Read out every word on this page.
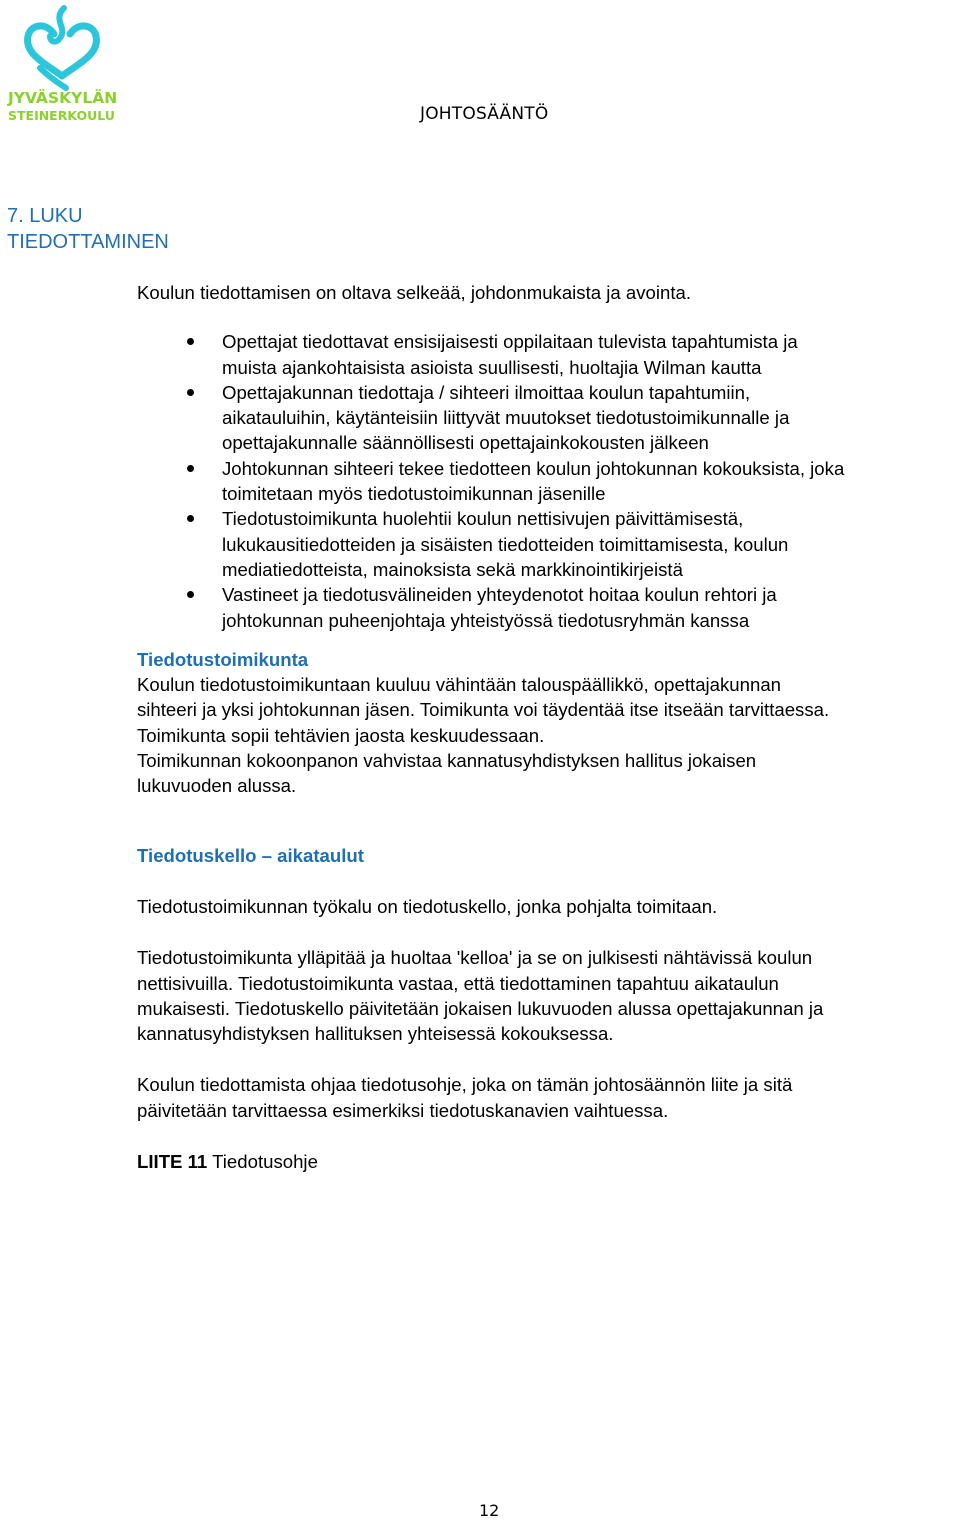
JYVÄSKYLÄN
STEINERKOULU	JOHTOSÄÄNTÖ
7. LUKU
TIEDOTTAMINEN

Koulun tiedottamisen on oltava selkeää, johdonmukaista ja avointa.

Opettajat tiedottavat ensisijaisesti oppilaitaan tulevista tapahtumista ja
muista ajankohtaisista asioista suullisesti, huoltajia Wilman kautta
Opettajakunnan tiedottaja / sihteeri ilmoittaa koulun tapahtumiin,
aikatauluihin, käytänteisiin liittyvät muutokset tiedotustoimikunnalle ja
opettajakunnalle säännöllisesti opettajainkokousten jälkeen
Johtokunnan sihteeri tekee tiedotteen koulun johtokunnan kokouksista, joka
toimitetaan myös tiedotustoimikunnan jäsenille
Tiedotustoimikunta huolehtii koulun nettisivujen päivittämisestä,
lukukausitiedotteiden ja sisäisten tiedotteiden toimittamisesta, koulun
mediatiedotteista, mainoksista sekä markkinointikirjeistä
Vastineet ja tiedotusvälineiden yhteydenotot hoitaa koulun rehtori ja
johtokunnan puheenjohtaja yhteistyössä tiedotusryhmän kanssa
Tiedotustoimikunta
Koulun tiedotustoimikuntaan kuuluu vähintään talouspäällikkö, opettajakunnan
sihteeri ja yksi johtokunnan jäsen. Toimikunta voi täydentää itse itseään tarvittaessa.
Toimikunta sopii tehtävien jaosta keskuudessaan.
Toimikunnan kokoonpanon vahvistaa kannatusyhdistyksen hallitus jokaisen
lukuvuoden alussa.
Tiedotuskello – aikataulut
Tiedotustoimikunnan työkalu on tiedotuskello, jonka pohjalta toimitaan.
Tiedotustoimikunta ylläpitää ja huoltaa 'kelloa' ja se on julkisesti nähtävissä koulun
nettisivuilla. Tiedotustoimikunta vastaa, että tiedottaminen tapahtuu aikataulun
mukaisesti. Tiedotuskello päivitetään jokaisen lukuvuoden alussa opettajakunnan ja
kannatusyhdistyksen hallituksen yhteisessä kokouksessa.
Koulun tiedottamista ohjaa tiedotusohje, joka on tämän johtosäännön liite ja sitä
päivitetään tarvittaessa esimerkiksi tiedotuskanavien vaihtuessa.
LIITE 11 Tiedotusohje
12
